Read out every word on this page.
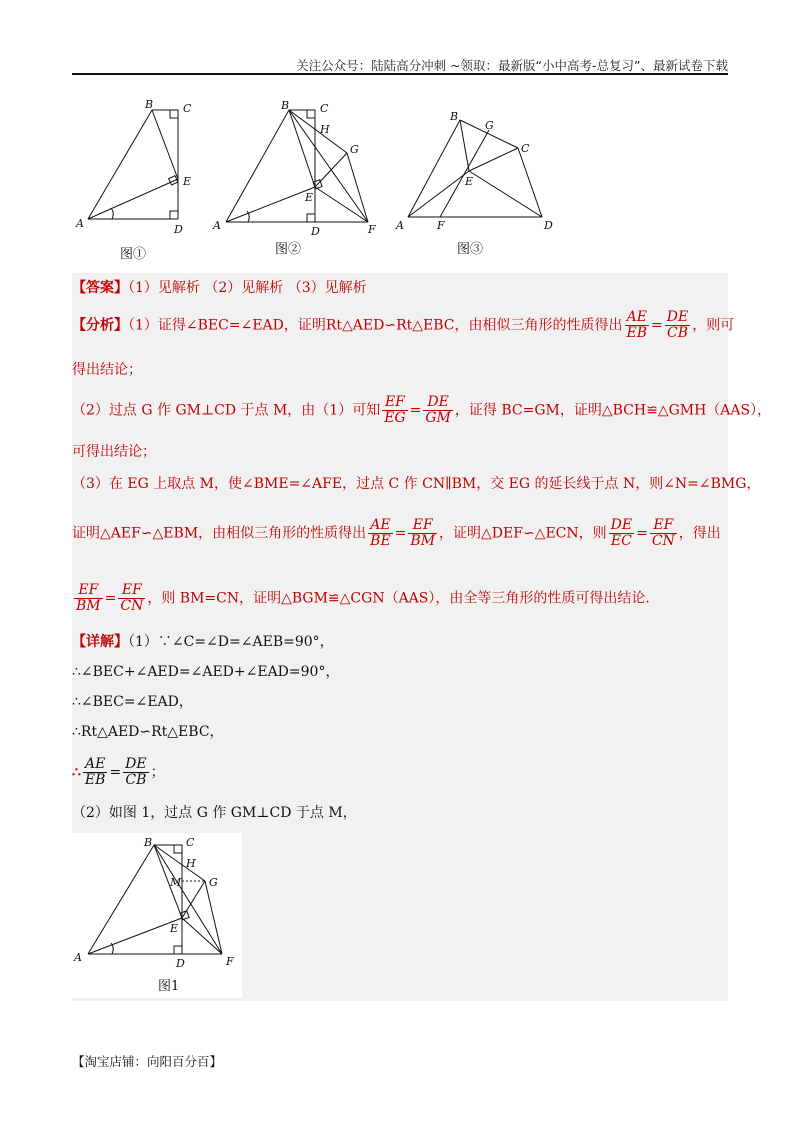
关注公众号：陆陆高分冲刺 ~领取：最新版“小中高考-总复习”、最新试卷下载
B	C
E
A	D
图①
B	C
H
G
E
A	D	F
图②
B
G
C
E
A	F	D
图③
【答案】（1）见解析 （2）见解析 （3）见解析
【分析】（1）证得∠BEC=∠EAD，证明Rt△AED∽Rt△EBC，由相似三角形的性质得出 $\frac{AE}{EB} = \frac{DE}{CB}$ ，则可
得出结论；
（2）过点 G 作 GM⊥CD 于点 M，由（1）可知 $\frac{EF}{EG} = \frac{DE}{GM}$ ，证得 BC=GM，证明△BCH≌△GMH（AAS），
可得出结论；
（3）在 EG 上取点 M，使∠BME=∠AFE，过点 C 作 CN∥BM，交 EG 的延长线于点 N，则∠N=∠BMG，
证明△AEF∽△EBM，由相似三角形的性质得出 $\frac{AE}{BE} = \frac{EF}{BM}$ ，证明△DEF∽△ECN，则 $\frac{DE}{EC} = \frac{EF}{CN}$ ，得出
$\frac{EF}{BM} = \frac{EF}{CN}$ ，则 BM=CN，证明△BGM≌△CGN（AAS），由全等三角形的性质可得出结论.
【详解】（1）∵∠C=∠D=∠AEB=90°，
∴∠BEC+∠AED=∠AED+∠EAD=90°，
∴∠BEC=∠EAD，
∴Rt△AED∽Rt△EBC，
∴ $\frac{AE}{EB} = \frac{DE}{CB}$ ；
（2）如图 1，过点 G 作 GM⊥CD 于点 M，
B	C
H
M	G
E
A	D	F
图1
【淘宝店铺：向阳百分百】
